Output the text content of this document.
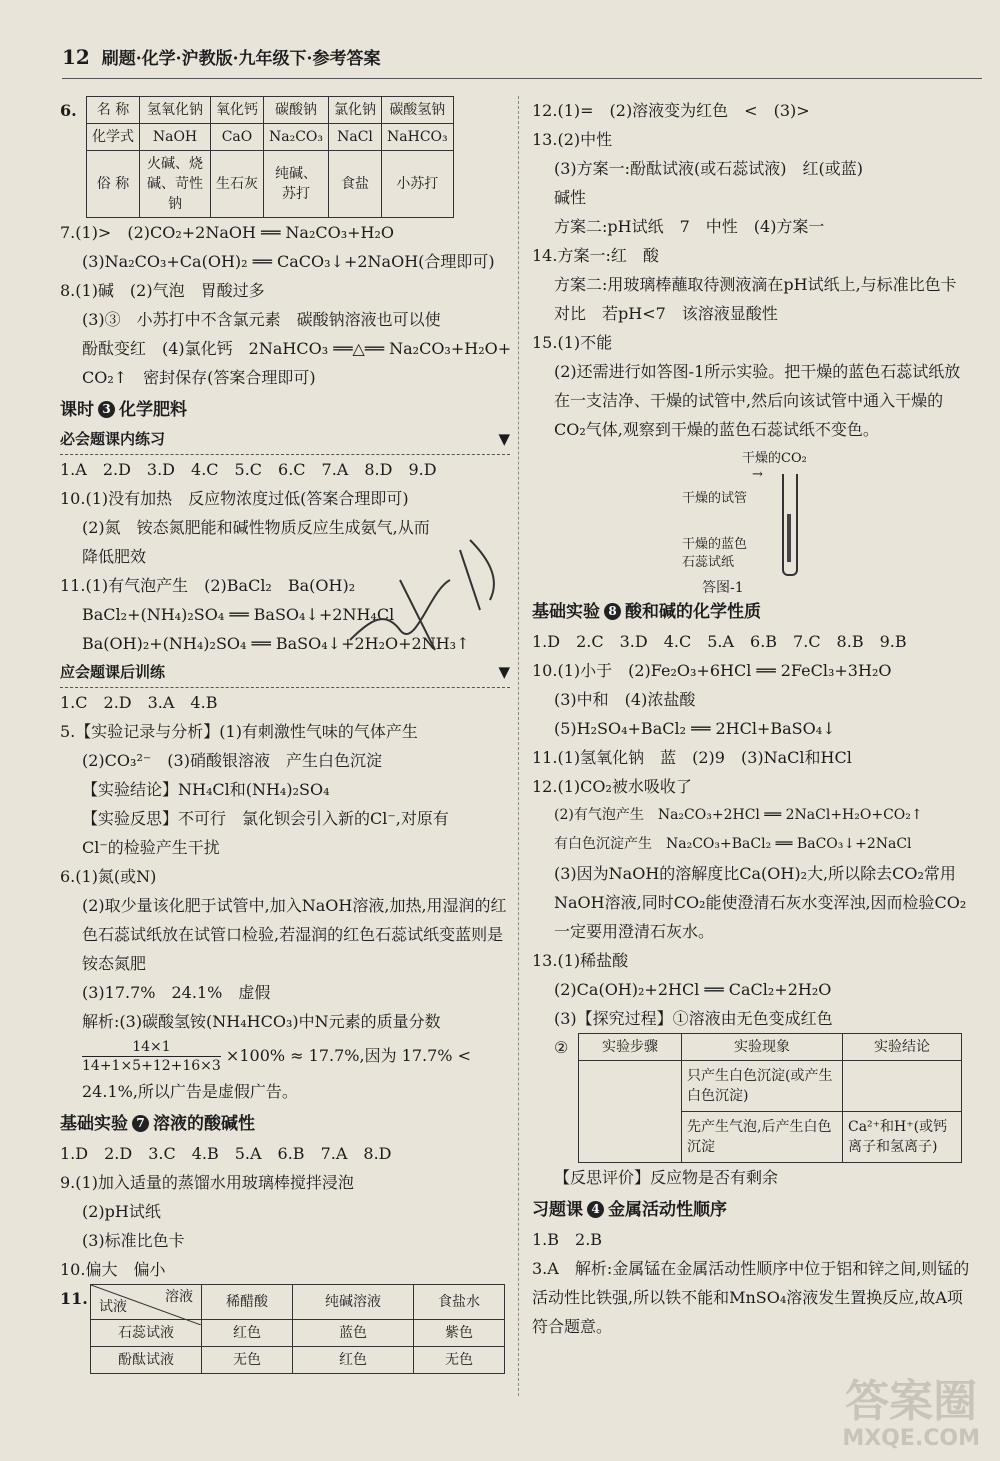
12 刷题·化学·沪教版·九年级下·参考答案
6.	名 称	氢氧化钠	氧化钙	碳酸钠	氯化钠	碳酸氢钠
化学式	NaOH	CaO	Na₂CO₃	NaCl	NaHCO₃
俗 称	火碱、烧碱、苛性钠	生石灰	纯碱、苏打	食盐	小苏打
7.(1)>　(2)CO₂+2NaOH ══ Na₂CO₃+H₂O
(3)Na₂CO₃+Ca(OH)₂ ══ CaCO₃↓+2NaOH(合理即可)
8.(1)碱　(2)气泡　胃酸过多
(3)③　小苏打中不含氯元素　碳酸钠溶液也可以使
酚酞变红　(4)氯化钙　2NaHCO₃ ══△══ Na₂CO₃+H₂O+
CO₂↑　密封保存(答案合理即可)
课时 3 化学肥料
必会题课内练习	▼
1.A　2.D　3.D　4.C　5.C　6.C　7.A　8.D　9.D
10.(1)没有加热　反应物浓度过低(答案合理即可)
(2)氮　铵态氮肥能和碱性物质反应生成氨气,从而
降低肥效
11.(1)有气泡产生　(2)BaCl₂　Ba(OH)₂
BaCl₂+(NH₄)₂SO₄ ══ BaSO₄↓+2NH₄Cl
Ba(OH)₂+(NH₄)₂SO₄ ══ BaSO₄↓+2H₂O+2NH₃↑
应会题课后训练	▼
1.C　2.D　3.A　4.B
5.【实验记录与分析】(1)有刺激性气味的气体产生
(2)CO₃²⁻　(3)硝酸银溶液　产生白色沉淀
【实验结论】NH₄Cl和(NH₄)₂SO₄
【实验反思】不可行　氯化钡会引入新的Cl⁻,对原有
Cl⁻的检验产生干扰
6.(1)氮(或N)
(2)取少量该化肥于试管中,加入NaOH溶液,加热,用湿润的红色石蕊试纸放在试管口检验,若湿润的红色石蕊试纸变蓝则是铵态氮肥
(3)17.7%　24.1%　虚假
解析:(3)碳酸氢铵(NH₄HCO₃)中N元素的质量分数
$\frac{14\times 1}{14+1\times 5+12+16\times 3} \times 100\% \approx 17.7\%$,因为 17.7% <
24.1%,所以广告是虚假广告。
基础实验 7 溶液的酸碱性
1.D　2.D　3.C　4.B　5.A　6.B　7.A　8.D
9.(1)加入适量的蒸馏水用玻璃棒搅拌浸泡
(2)pH试纸
(3)标准比色卡
10.偏大　偏小
11.	溶液
试液	稀醋酸	纯碱溶液	食盐水
石蕊试液	红色	蓝色	紫色
酚酞试液	无色	红色	无色
12.(1)=　(2)溶液变为红色　<　(3)>
13.(2)中性
(3)方案一:酚酞试液(或石蕊试液)　红(或蓝)
碱性
方案二:pH试纸　7　中性　(4)方案一
14.方案一:红　酸
方案二:用玻璃棒蘸取待测液滴在pH试纸上,与标准比色卡对比　若pH<7　该溶液显酸性
15.(1)不能
(2)还需进行如答图-1所示实验。把干燥的蓝色石蕊试纸放在一支洁净、干燥的试管中,然后向该试管中通入干燥的CO₂气体,观察到干燥的蓝色石蕊试纸不变色。
干燥的CO₂
→
干燥的试管
干燥的蓝色
石蕊试纸
答图-1
基础实验 8 酸和碱的化学性质
1.D　2.C　3.D　4.C　5.A　6.B　7.C　8.B　9.B
10.(1)小于　(2)Fe₂O₃+6HCl ══ 2FeCl₃+3H₂O
(3)中和　(4)浓盐酸
(5)H₂SO₄+BaCl₂ ══ 2HCl+BaSO₄↓
11.(1)氢氧化钠　蓝　(2)9　(3)NaCl和HCl
12.(1)CO₂被水吸收了
(2)有气泡产生　Na₂CO₃+2HCl ══ 2NaCl+H₂O+CO₂↑
有白色沉淀产生　Na₂CO₃+BaCl₂ ══ BaCO₃↓+2NaCl
(3)因为NaOH的溶解度比Ca(OH)₂大,所以除去CO₂常用NaOH溶液,同时CO₂能使澄清石灰水变浑浊,因而检验CO₂一定要用澄清石灰水。
13.(1)稀盐酸
(2)Ca(OH)₂+2HCl ══ CaCl₂+2H₂O
(3)【探究过程】①溶液由无色变成红色
②	实验步骤	实验现象	实验结论
	只产生白色沉淀(或产生白色沉淀)	
	先产生气泡,后产生白色沉淀	Ca²⁺和H⁺(或钙离子和氢离子)
【反思评价】反应物是否有剩余
习题课 4 金属活动性顺序
1.B　2.B
3.A　解析:金属锰在金属活动性顺序中位于铝和锌之间,则锰的活动性比铁强,所以铁不能和MnSO₄溶液发生置换反应,故A项符合题意。
答案圈
MXQE.COM
